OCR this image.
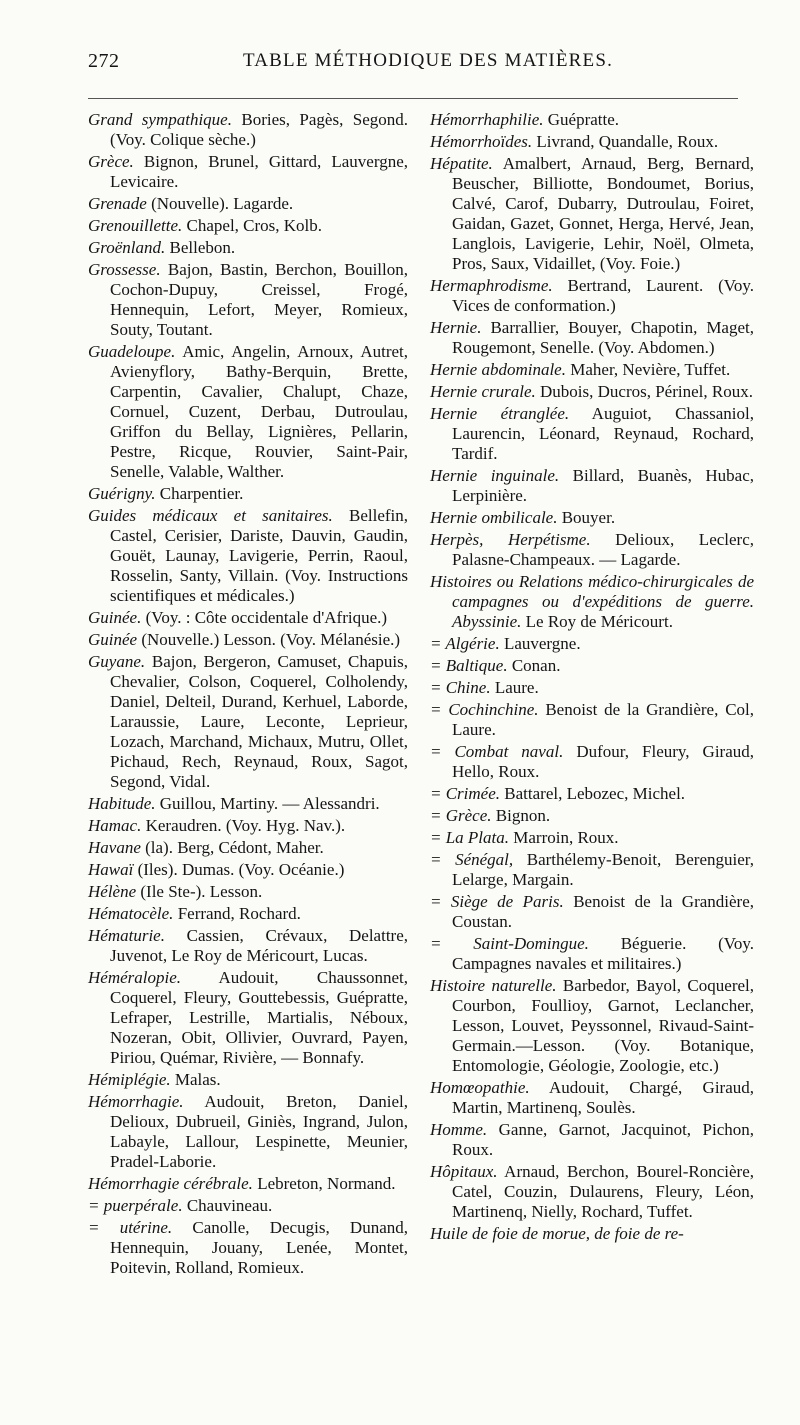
272	TABLE MÉTHODIQUE DES MATIÈRES.

Grand sympathique. Bories, Pagès, Segond. (Voy. Colique sèche.)

Grèce. Bignon, Brunel, Gittard, Lauvergne, Levicaire.

Grenade (Nouvelle). Lagarde.

Grenouillette. Chapel, Cros, Kolb.

Groënland. Bellebon.

Grossesse. Bajon, Bastin, Berchon, Bouillon, Cochon-Dupuy, Creissel, Frogé, Hennequin, Lefort, Meyer, Romieux, Souty, Toutant.

Guadeloupe. Amic, Angelin, Arnoux, Autret, Avienyflory, Bathy-Berquin, Brette, Carpentin, Cavalier, Chalupt, Chaze, Cornuel, Cuzent, Derbau, Dutroulau, Griffon du Bellay, Lignières, Pellarin, Pestre, Ricque, Rouvier, Saint-Pair, Senelle, Valable, Walther.

Guérigny. Charpentier.

Guides médicaux et sanitaires. Bellefin, Castel, Cerisier, Dariste, Dauvin, Gaudin, Gouët, Launay, Lavigerie, Perrin, Raoul, Rosselin, Santy, Villain. (Voy. Instructions scientifiques et médicales.)

Guinée. (Voy. : Côte occidentale d'Afrique.)

Guinée (Nouvelle.) Lesson. (Voy. Mélanésie.)

Guyane. Bajon, Bergeron, Camuset, Chapuis, Chevalier, Colson, Coquerel, Colholendy, Daniel, Delteil, Durand, Kerhuel, Laborde, Laraussie, Laure, Leconte, Leprieur, Lozach, Marchand, Michaux, Mutru, Ollet, Pichaud, Rech, Reynaud, Roux, Sagot, Segond, Vidal.

Habitude. Guillou, Martiny. — Alessandri.

Hamac. Keraudren. (Voy. Hyg. Nav.).

Havane (la). Berg, Cédont, Maher.

Hawaï (Iles). Dumas. (Voy. Océanie.)

Hélène (Ile Ste-). Lesson.

Hématocèle. Ferrand, Rochard.

Hématurie. Cassien, Crévaux, Delattre, Juvenot, Le Roy de Méricourt, Lucas.

Héméralopie. Audouit, Chaussonnet, Coquerel, Fleury, Gouttebessis, Guépratte, Lefraper, Lestrille, Martialis, Néboux, Nozeran, Obit, Ollivier, Ouvrard, Payen, Piriou, Quémar, Rivière, — Bonnafy.

Hémiplégie. Malas.

Hémorrhagie. Audouit, Breton, Daniel, Delioux, Dubrueil, Giniès, Ingrand, Julon, Labayle, Lallour, Lespinette, Meunier, Pradel-Laborie.

Hémorrhagie cérébrale. Lebreton, Normand.

= puerpérale. Chauvineau.

= utérine. Canolle, Decugis, Dunand, Hennequin, Jouany, Lenée, Montet, Poitevin, Rolland, Romieux.

Hémorrhaphilie. Guépratte.

Hémorrhoïdes. Livrand, Quandalle, Roux.

Hépatite. Amalbert, Arnaud, Berg, Bernard, Beuscher, Billiotte, Bondoumet, Borius, Calvé, Carof, Dubarry, Dutroulau, Foiret, Gaidan, Gazet, Gonnet, Herga, Hervé, Jean, Langlois, Lavigerie, Lehir, Noël, Olmeta, Pros, Saux, Vidaillet, (Voy. Foie.)

Hermaphrodisme. Bertrand, Laurent. (Voy. Vices de conformation.)

Hernie. Barrallier, Bouyer, Chapotin, Maget, Rougemont, Senelle. (Voy. Abdomen.)

Hernie abdominale. Maher, Nevière, Tuffet.

Hernie crurale. Dubois, Ducros, Périnel, Roux.

Hernie étranglée. Auguiot, Chassaniol, Laurencin, Léonard, Reynaud, Rochard, Tardif.

Hernie inguinale. Billard, Buanès, Hubac, Lerpinière.

Hernie ombilicale. Bouyer.

Herpès, Herpétisme. Delioux, Leclerc, Palasne-Champeaux. — Lagarde.

Histoires ou Relations médico-chirurgicales de campagnes ou d'expéditions de guerre. Abyssinie. Le Roy de Méricourt.

= Algérie. Lauvergne.

= Baltique. Conan.

= Chine. Laure.

= Cochinchine. Benoist de la Grandière, Col, Laure.

= Combat naval. Dufour, Fleury, Giraud, Hello, Roux.

= Crimée. Battarel, Lebozec, Michel.

= Grèce. Bignon.

= La Plata. Marroin, Roux.

= Sénégal, Barthélemy-Benoit, Berenguier, Lelarge, Margain.

= Siège de Paris. Benoist de la Grandière, Coustan.

= Saint-Domingue. Béguerie. (Voy. Campagnes navales et militaires.)

Histoire naturelle. Barbedor, Bayol, Coquerel, Courbon, Foullioy, Garnot, Leclancher, Lesson, Louvet, Peyssonnel, Rivaud-Saint-Germain.—Lesson. (Voy. Botanique, Entomologie, Géologie, Zoologie, etc.)

Homœopathie. Audouit, Chargé, Giraud, Martin, Martinenq, Soulès.

Homme. Ganne, Garnot, Jacquinot, Pichon, Roux.

Hôpitaux. Arnaud, Berchon, Bourel-Roncière, Catel, Couzin, Dulaurens, Fleury, Léon, Martinenq, Nielly, Rochard, Tuffet.

Huile de foie de morue, de foie de re-
